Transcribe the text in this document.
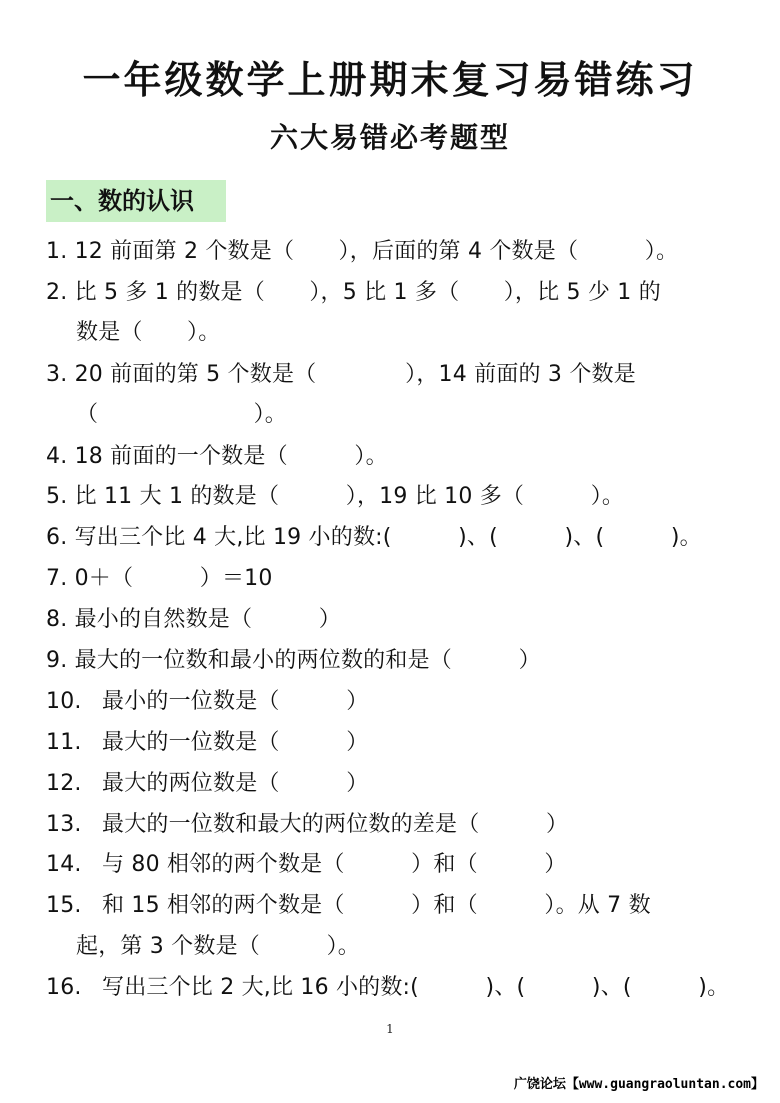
一年级数学上册期末复习易错练习
六大易错必考题型
一、数的认识
1. 12 前面第 2 个数是（　　），后面的第 4 个数是（　　　）。
2. 比 5 多 1 的数是（　　），5 比 1 多（　　），比 5 少 1 的
数是（　　）。
3. 20 前面的第 5 个数是（　　　　），14 前面的 3 个数是
（　　　　　　　）。
4. 18 前面的一个数是（　　　）。
5. 比 11 大 1 的数是（　　　），19 比 10 多（　　　）。
6. 写出三个比 4 大,比 19 小的数:(　　　)、(　　　)、(　　　)。
7. 0＋（　　　）＝10
8. 最小的自然数是（　　　）
9. 最大的一位数和最小的两位数的和是（　　　）
10. 最小的一位数是（　　　）
11. 最大的一位数是（　　　）
12. 最大的两位数是（　　　）
13. 最大的一位数和最大的两位数的差是（　　　）
14. 与 80 相邻的两个数是（　　　）和（　　　）
15. 和 15 相邻的两个数是（　　　）和（　　　）。从 7 数
起，第 3 个数是（　　　）。
16. 写出三个比 2 大,比 16 小的数:(　　　)、(　　　)、(　　　)。
1
广饶论坛【www.guangraoluntan.com】
